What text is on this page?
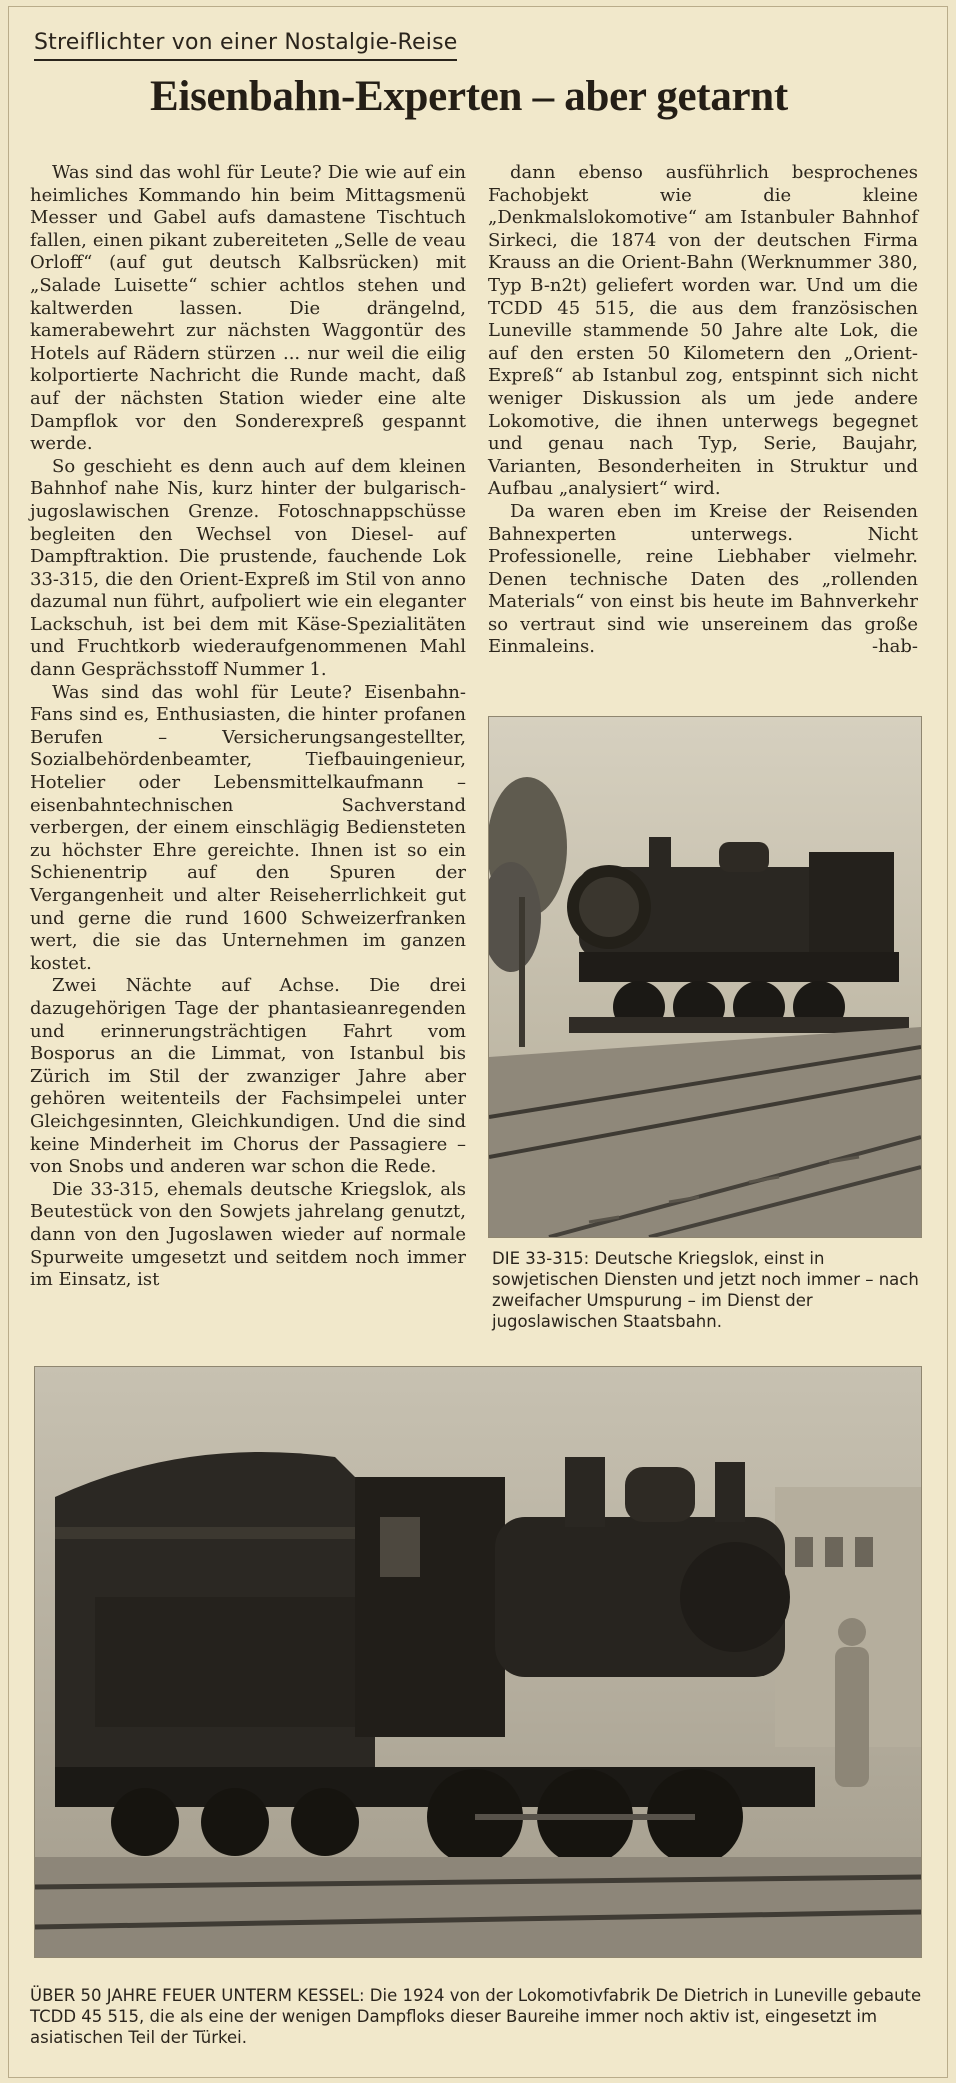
Streiflichter von einer Nostalgie-Reise
Eisenbahn-Experten – aber getarnt

Was sind das wohl für Leute? Die wie auf ein heimliches Kommando hin beim Mittagsmenü Messer und Gabel aufs damastene Tischtuch fallen, einen pikant zubereiteten „Selle de veau Orloff“ (auf gut deutsch Kalbsrücken) mit „Salade Luisette“ schier achtlos stehen und kaltwerden lassen. Die drängelnd, kamerabewehrt zur nächsten Waggontür des Hotels auf Rädern stürzen ... nur weil die eilig kolportierte Nachricht die Runde macht, daß auf der nächsten Station wieder eine alte Dampflok vor den Sonderexpreß gespannt werde.

So geschieht es denn auch auf dem kleinen Bahnhof nahe Nis, kurz hinter der bulgarisch-jugoslawischen Grenze. Fotoschnappschüsse begleiten den Wechsel von Diesel- auf Dampftraktion. Die prustende, fauchende Lok 33-315, die den Orient-Expreß im Stil von anno dazumal nun führt, aufpoliert wie ein eleganter Lackschuh, ist bei dem mit Käse-Spezialitäten und Fruchtkorb wiederaufgenommenen Mahl dann Gesprächsstoff Nummer 1.

Was sind das wohl für Leute? Eisenbahn-Fans sind es, Enthusiasten, die hinter profanen Berufen – Versicherungsangestellter, Sozialbehördenbeamter, Tiefbauingenieur, Hotelier oder Lebensmittelkaufmann – eisenbahntechnischen Sachverstand verbergen, der einem einschlägig Bediensteten zu höchster Ehre gereichte. Ihnen ist so ein Schienentrip auf den Spuren der Vergangenheit und alter Reiseherrlichkeit gut und gerne die rund 1600 Schweizerfranken wert, die sie das Unternehmen im ganzen kostet.

Zwei Nächte auf Achse. Die drei dazugehörigen Tage der phantasieanregenden und erinnerungsträchtigen Fahrt vom Bosporus an die Limmat, von Istanbul bis Zürich im Stil der zwanziger Jahre aber gehören weitenteils der Fachsimpelei unter Gleichgesinnten, Gleichkundigen. Und die sind keine Minderheit im Chorus der Passagiere – von Snobs und anderen war schon die Rede.

Die 33-315, ehemals deutsche Kriegslok, als Beutestück von den Sowjets jahrelang genutzt, dann von den Jugoslawen wieder auf normale Spurweite umgesetzt und seitdem noch immer im Einsatz, ist

dann ebenso ausführlich besprochenes Fachobjekt wie die kleine „Denkmalslokomotive“ am Istanbuler Bahnhof Sirkeci, die 1874 von der deutschen Firma Krauss an die Orient-Bahn (Werknummer 380, Typ B-n2t) geliefert worden war. Und um die TCDD 45 515, die aus dem französischen Luneville stammende 50 Jahre alte Lok, die auf den ersten 50 Kilometern den „Orient-Expreß“ ab Istanbul zog, entspinnt sich nicht weniger Diskussion als um jede andere Lokomotive, die ihnen unterwegs begegnet und genau nach Typ, Serie, Baujahr, Varianten, Besonderheiten in Struktur und Aufbau „analysiert“ wird.

Da waren eben im Kreise der Reisenden Bahnexperten unterwegs. Nicht Professionelle, reine Liebhaber vielmehr. Denen technische Daten des „rollenden Materials“ von einst bis heute im Bahnverkehr so vertraut sind wie unsereinem das große Einmaleins.	-hab-

DIE 33-315: Deutsche Kriegslok, einst in sowjetischen Diensten und jetzt noch immer – nach zweifacher Umspurung – im Dienst der jugoslawischen Staatsbahn.
ÜBER 50 JAHRE FEUER UNTERM KESSEL: Die 1924 von der Lokomotivfabrik De Dietrich in Luneville gebaute TCDD 45 515, die als eine der wenigen Dampfloks dieser Baureihe immer noch aktiv ist, eingesetzt im asiatischen Teil der Türkei.
